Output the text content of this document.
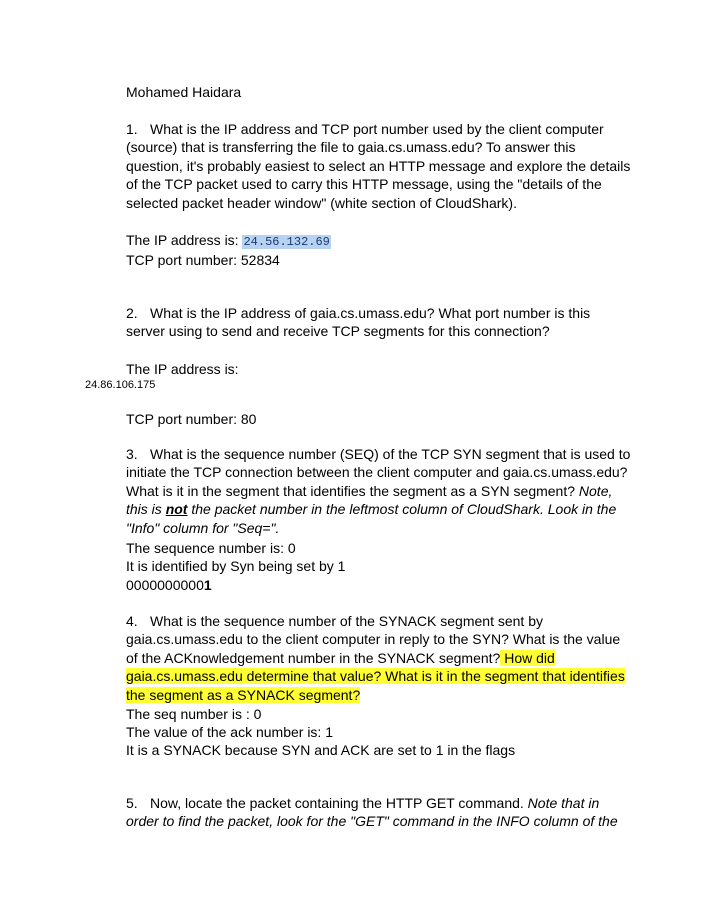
Mohamed Haidara
1. What is the IP address and TCP port number used by the client computer (source) that is transferring the file to gaia.cs.umass.edu? To answer this question, it's probably easiest to select an HTTP message and explore the details of the TCP packet used to carry this HTTP message, using the "details of the selected packet header window" (white section of CloudShark).
The IP address is: 24.56.132.69
TCP port number: 52834
2. What is the IP address of gaia.cs.umass.edu? What port number is this server using to send and receive TCP segments for this connection?
The IP address is:
24.86.106.175
TCP port number: 80
3. What is the sequence number (SEQ) of the TCP SYN segment that is used to initiate the TCP connection between the client computer and gaia.cs.umass.edu? What is it in the segment that identifies the segment as a SYN segment? Note, this is not the packet number in the leftmost column of CloudShark. Look in the "Info" column for "Seq=".
The sequence number is: 0
It is identified by Syn being set by 1
00000000001
4. What is the sequence number of the SYNACK segment sent by gaia.cs.umass.edu to the client computer in reply to the SYN? What is the value of the ACKnowledgement number in the SYNACK segment? How did gaia.cs.umass.edu determine that value? What is it in the segment that identifies the segment as a SYNACK segment?
The seq number is : 0
The value of the ack number is: 1
It is a SYNACK because SYN and ACK are set to 1 in the flags
5. Now, locate the packet containing the HTTP GET command. Note that in order to find the packet, look for the "GET" command in the INFO column of the
